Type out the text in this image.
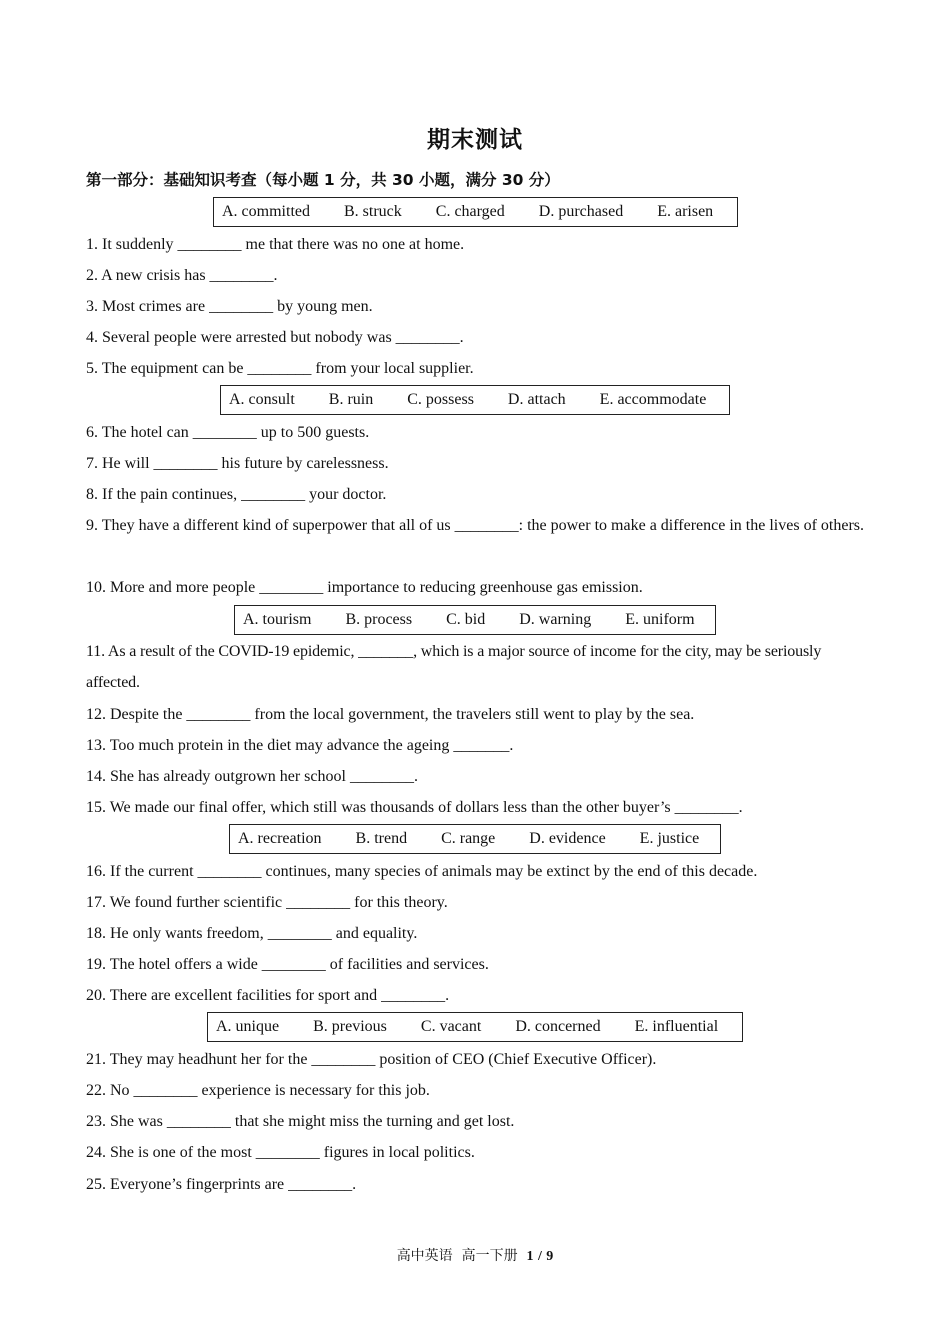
期末测试
第一部分：基础知识考查（每小题 1 分，共 30 小题，满分 30 分）
A. committed B. struck C. charged D. purchased E. arisen
1. It suddenly ________ me that there was no one at home.
2. A new crisis has ________.
3. Most crimes are ________ by young men.
4. Several people were arrested but nobody was ________.
5. The equipment can be ________ from your local supplier.
A. consult B. ruin C. possess D. attach E. accommodate
6. The hotel can ________ up to 500 guests.
7. He will ________ his future by carelessness.
8. If the pain continues, ________ your doctor.
9. They have a different kind of superpower that all of us ________: the power to make a difference in the lives of others.
10. More and more people ________ importance to reducing greenhouse gas emission.
A. tourism B. process C. bid D. warning E. uniform
11. As a result of the COVID-19 epidemic, _______, which is a major source of income for the city, may be seriously affected.
12. Despite the ________ from the local government, the travelers still went to play by the sea.
13. Too much protein in the diet may advance the ageing _______.
14. She has already outgrown her school ________.
15. We made our final offer, which still was thousands of dollars less than the other buyer’s ________.
A. recreation B. trend C. range D. evidence E. justice
16. If the current ________ continues, many species of animals may be extinct by the end of this decade.
17. We found further scientific ________ for this theory.
18. He only wants freedom, ________ and equality.
19. The hotel offers a wide ________ of facilities and services.
20. There are excellent facilities for sport and ________.
A. unique B. previous C. vacant D. concerned E. influential
21. They may headhunt her for the ________ position of CEO (Chief Executive Officer).
22. No ________ experience is necessary for this job.
23. She was ________ that she might miss the turning and get lost.
24. She is one of the most ________ figures in local politics.
25. Everyone’s fingerprints are ________.
高中英语 高一下册 1 / 9
